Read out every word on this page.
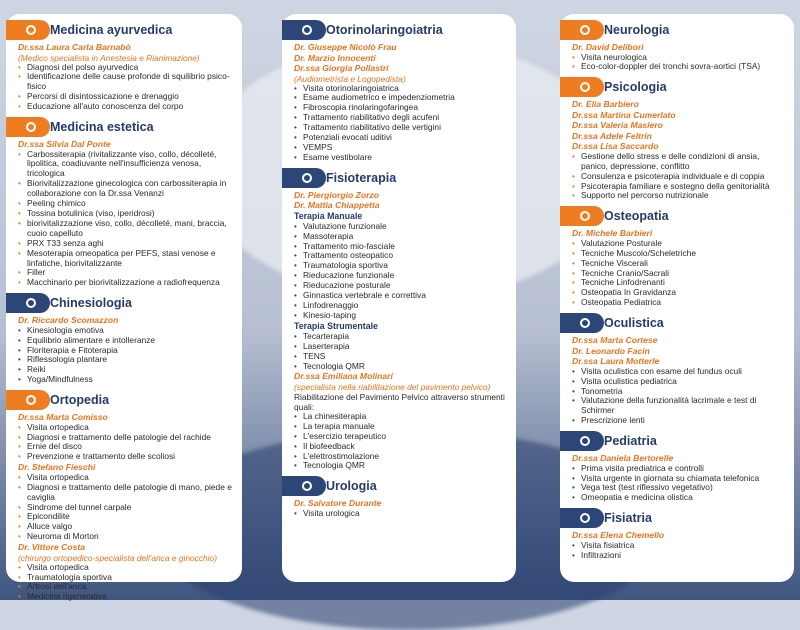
Medicina ayurvedica
Dr.ssa Laura Carla Barnabò
(Medico specialista in Anestesia e Rianimazione)
• Diagnosi del polso ayurvedica
• Identificazione delle cause profonde di squilibrio psico-fisico
• Percorsi di disintossicazione e drenaggio
• Educazione all'auto conoscenza del corpo
Medicina estetica
Dr.ssa Silvia Dal Ponte
• Carbossiterapia (rivitalizzante viso, collo, décolleté, lipolitica, coadiuvante nell'insufficienza venosa, tricologica
• Biorivitalizzazione ginecologica con carbossiterapia in collaborazione con la Dr.ssa Venanzi
• Peeling chimico
• Tossina botulinica (viso, iperidrosi)
• biorivitalizzazione viso, collo, décolleté, mani, braccia, cuoio capelluto
• PRX T33 senza aghi
• Mesoterapia omeopatica per PEFS, stasi venose e linfatiche, biorivitalizzante
• Filler
• Macchinario per biorivitalizzazione a radiofrequenza
Chinesiologia
Dr. Riccardo Scomazzon
• Kinesiologia emotiva
• Equilibrio alimentare e intolleranze
• Floriterapia e Fitoterapia
• Riflessologia plantare
• Reiki
• Yoga/Mindfulness
Ortopedia
Dr.ssa Marta Comisso
• Visita ortopedica
• Diagnosi e trattamento delle patologie del rachide
• Ernie del disco
• Prevenzione e trattamento delle scoliosi
Dr. Stefano Fieschi
• Visita ortopedica
• Diagnosi e trattamento delle patologie di mano, piede e caviglia
• Sindrome del tunnel carpale
• Epicondilite
• Alluce valgo
• Neuroma di Morton
Dr. Vittore Costa
(chirurgo ortopedico-specialista dell'anca e ginocchio)
• Visita ortopedica
• Traumatologia sportiva
• Artrosi dell'anca
• Medicina rigenerativa
Otorinolaringoiatria
Dr. Giuseppe Nicolò Frau
Dr. Marzio Innocenti
Dr.ssa Giorgia Pollastri
(Audiometrista e Logopedista)
• Visita otorinolaringoiatrica
• Esame audiometrico e impedenziometria
• Fibroscopia rinolaringofaringea
• Trattamento riabilitativo degli acufeni
• Trattamento riabilitativo delle vertigini
• Potenziali evocati uditivi
• VEMPS
• Esame vestibolare
Fisioterapia
Dr. Piergiorgio Zorzo
Dr. Mattia Chiappetta
Terapia Manuale
• Valutazione funzionale
• Massoterapia
• Trattamento mio-fasciale
• Trattamento osteopatico
• Traumatologia sportiva
• Rieducazione funzionale
• Rieducazione posturale
• Ginnastica vertebrale e correttiva
• Linfodrenaggio
• Kinesio-taping
Terapia Strumentale
• Tecarterapia
• Laserterapia
• TENS
• Tecnologia QMR
Dr.ssa Emiliana Molinari
(specialista nella riabilitazione del pavimento pelvico)
Riabilitazione del Pavimento Pelvico attraverso strumenti quali:
• La chinesiterapia
• La terapia manuale
• L'esercizio terapeutico
• Il biofeedback
• L'elettrostimolazione
• Tecnologia QMR
Urologia
Dr. Salvatore Durante
• Visita urologica
Neurologia
Dr. David Delibori
• Visita neurologica
• Eco-color-doppler dei tronchi sovra-aortici (TSA)
Psicologia
Dr. Elia Barbiero
Dr.ssa Martina Cumerlato
Dr.ssa Valeria Masiero
Dr.ssa Adele Feltrin
Dr.ssa Lisa Saccardo
• Gestione dello stress e delle condizioni di ansia, panico, depressione, conflitto
• Consulenza e psicoterapia individuale e di coppia
• Psicoterapia familiare e sostegno della genitorialità
• Supporto nel percorso nutrizionale
Osteopatia
Dr. Michele Barbieri
• Valutazione Posturale
• Tecniche Muscolo/Scheletriche
• Tecniche Viscerali
• Tecniche Cranio/Sacrali
• Tecniche Linfodrenanti
• Osteopatia In Gravidanza
• Osteopatia Pediatrica
Oculistica
Dr.ssa Marta Cortese
Dr. Leonardo Facin
Dr.ssa Laura Motterle
• Visita oculistica con esame del fundus oculi
• Visita oculistica pediatrica
• Tonometria
• Valutazione della funzionalità lacrimale e test di Schirmer
• Prescrizione lenti
Pediatria
Dr.ssa Daniela Bertorelle
• Prima visita prediatrica e controlli
• Visita urgente in giornata su chiamata telefonica
• Vega test (test riflessivo vegetativo)
• Omeopatia e medicina olistica
Fisiatria
Dr.ssa Elena Chemello
• Visita fisiatrica
• Infiltrazioni
